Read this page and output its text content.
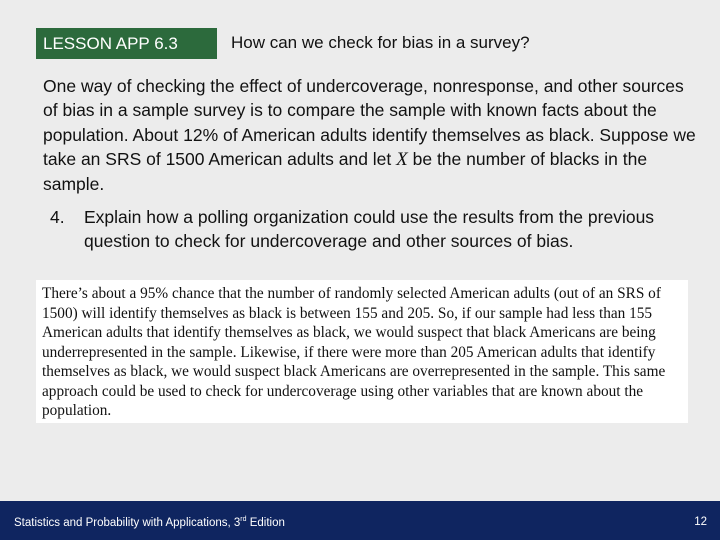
LESSON APP 6.3	How can we check for bias in a survey?
One way of checking the effect of undercoverage, nonresponse, and other sources of bias in a sample survey is to compare the sample with known facts about the population. About 12% of American adults identify themselves as black. Suppose we take an SRS of 1500 American adults and let X be the number of blacks in the sample.
4. Explain how a polling organization could use the results from the previous question to check for undercoverage and other sources of bias.
There’s about a 95% chance that the number of randomly selected American adults (out of an SRS of 1500) will identify themselves as black is between 155 and 205. So, if our sample had less than 155 American adults that identify themselves as black, we would suspect that black Americans are being underrepresented in the sample. Likewise, if there were more than 205 American adults that identify themselves as black, we would suspect black Americans are overrepresented in the sample. This same approach could be used to check for undercoverage using other variables that are known about the population.
Statistics and Probability with Applications, 3rd Edition	12
